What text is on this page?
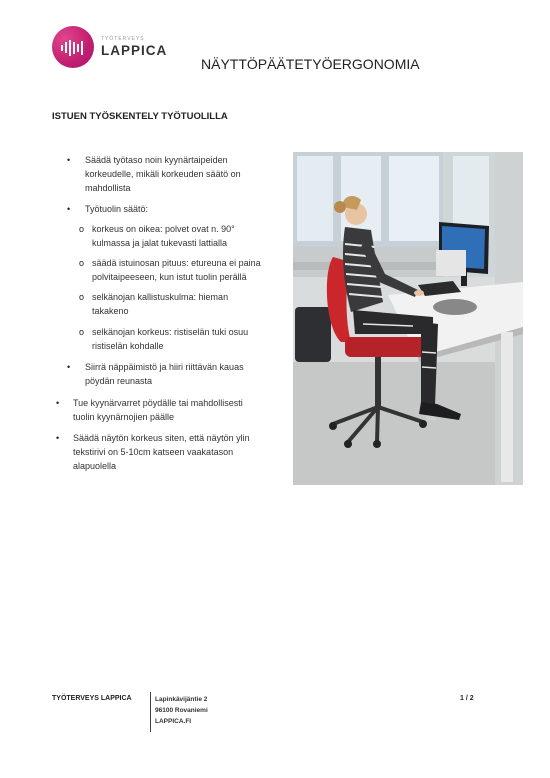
TYÖTERVEYS
LAPPICA
NÄYTTÖPÄÄTETYÖERGONOMIA
ISTUEN TYÖSKENTELY TYÖTUOLILLA
• Säädä työtaso noin kyynärtaipeiden
korkeudelle, mikäli korkeuden säätö on
mahdollista
• Työtuolin säätö:
o korkeus on oikea: polvet ovat n. 90°
kulmassa ja jalat tukevasti lattialla
o säädä istuinosan pituus: etureuna ei paina
polvitaipeeseen, kun istut tuolin perällä
o selkänojan kallistuskulma: hieman
takakeno
o selkänojan korkeus: ristiselän tuki osuu
ristiselän kohdalle
• Siirrä näppäimistö ja hiiri riittävän kauas
pöydän reunasta
• Tue kyynärvarret pöydälle tai mahdollisesti
tuolin kyynärnojien päälle
• Säädä näytön korkeus siten, että näytön ylin
tekstirivi on 5-10cm katseen vaakatason
alapuolella
TYÖTERVEYS LAPPICA	Lapinkävijäntie 2
96100 Rovaniemi
LAPPICA.FI
1 / 2
